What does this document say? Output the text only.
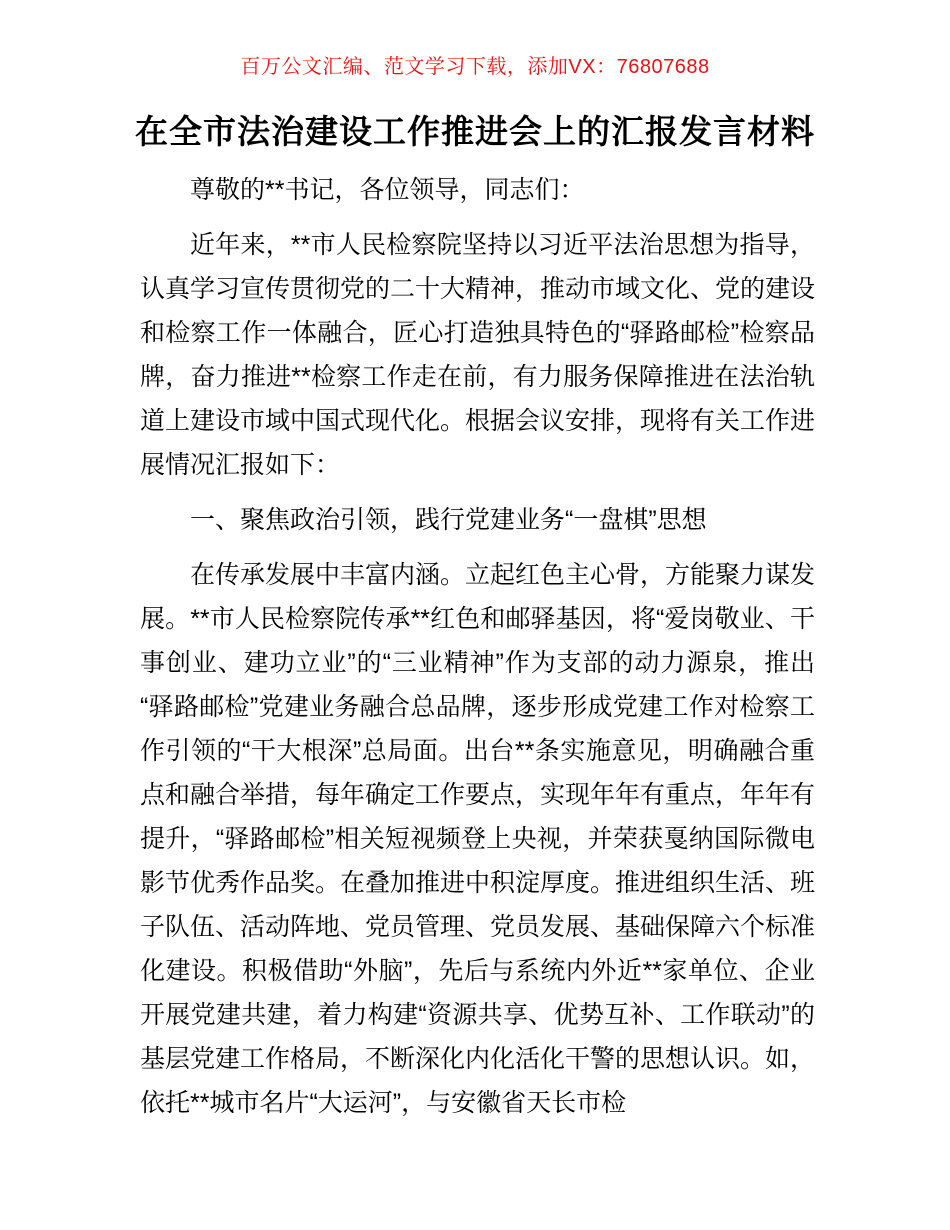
百万公文汇编、范文学习下载，添加VX：76807688
在全市法治建设工作推进会上的汇报发言材料

尊敬的**书记，各位领导，同志们：

近年来，**市人民检察院坚持以习近平法治思想为指导，认真学习宣传贯彻党的二十大精神，推动市域文化、党的建设和检察工作一体融合，匠心打造独具特色的“驿路邮检”检察品牌，奋力推进**检察工作走在前，有力服务保障推进在法治轨道上建设市域中国式现代化。根据会议安排，现将有关工作进展情况汇报如下：

一、聚焦政治引领，践行党建业务“一盘棋”思想

在传承发展中丰富内涵。立起红色主心骨，方能聚力谋发展。**市人民检察院传承**红色和邮驿基因，将“爱岗敬业、干事创业、建功立业”的“三业精神”作为支部的动力源泉，推出“驿路邮检”党建业务融合总品牌，逐步形成党建工作对检察工作引领的“干大根深”总局面。出台**条实施意见，明确融合重点和融合举措，每年确定工作要点，实现年年有重点，年年有提升，“驿路邮检”相关短视频登上央视，并荣获戛纳国际微电影节优秀作品奖。在叠加推进中积淀厚度。推进组织生活、班子队伍、活动阵地、党员管理、党员发展、基础保障六个标准化建设。积极借助“外脑”，先后与系统内外近**家单位、企业开展党建共建，着力构建“资源共享、优势互补、工作联动”的基层党建工作格局，不断深化内化活化干警的思想认识。如，依托**城市名片“大运河”，与安徽省天长市检
